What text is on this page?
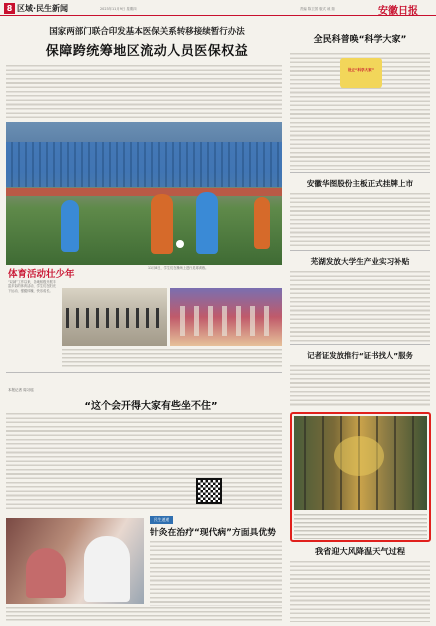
8 区域·民生新闻	2023年11月9日 星期四	责编 陈卫国 版式 戚 瑞	安徽日报
国家两部门联合印发基本医保关系转移接续暂行办法
保障跨统筹地区流动人员医保权益
体育活动壮少年
11月8日，学生们在操场上进行足球训练。
“双减”工作以来，各地积极开展丰富多彩的体育活动，学生们在阳光下运动，强健体魄，快乐成长。
本报记者 周习瑶
“这个会开得大家有些坐不住”
民生速递
针灸在治疗“现代病”方面具优势
全民科普唤“科学大家”
设立“科学大家”
安徽华图股份主板正式挂牌上市
芜湖发放大学生产业实习补贴
记者证发放推行“证书找人”服务
我省迎大风降温天气过程
